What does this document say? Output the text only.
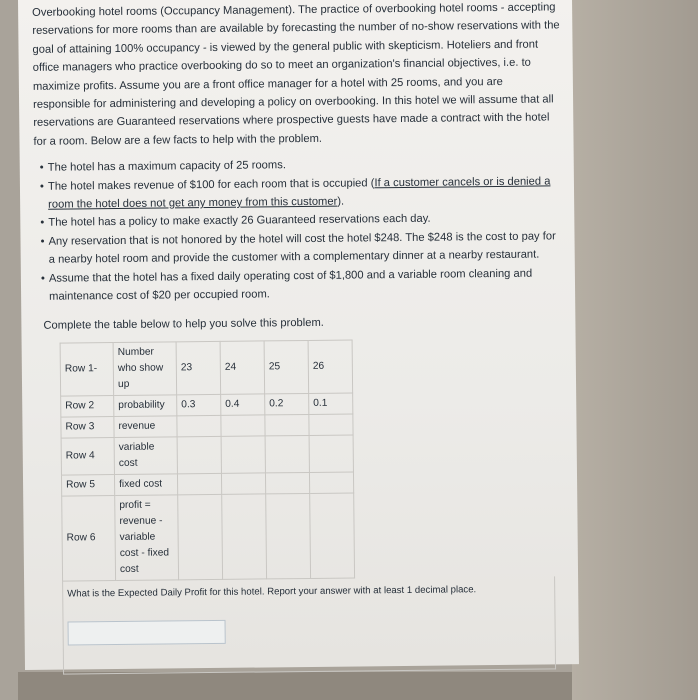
Overbooking hotel rooms (Occupancy Management). The practice of overbooking hotel rooms - accepting reservations for more rooms than are available by forecasting the number of no-show reservations with the goal of attaining 100% occupancy - is viewed by the general public with skepticism. Hoteliers and front office managers who practice overbooking do so to meet an organization's financial objectives, i.e. to maximize profits. Assume you are a front office manager for a hotel with 25 rooms, and you are responsible for administering and developing a policy on overbooking. In this hotel we will assume that all reservations are Guaranteed reservations where prospective guests have made a contract with the hotel for a room. Below are a few facts to help with the problem.

• The hotel has a maximum capacity of 25 rooms.
• The hotel makes revenue of $100 for each room that is occupied (If a customer cancels or is denied a room the hotel does not get any money from this customer).
• The hotel has a policy to make exactly 26 Guaranteed reservations each day.
• Any reservation that is not honored by the hotel will cost the hotel $248. The $248 is the cost to pay for a nearby hotel room and provide the customer with a complementary dinner at a nearby restaurant.
• Assume that the hotel has a fixed daily operating cost of $1,800 and a variable room cleaning and maintenance cost of $20 per occupied room.

Complete the table below to help you solve this problem.

Row 1-	Number who show up	23	24	25	26
Row 2	probability	0.3	0.4	0.2	0.1
Row 3	revenue				
Row 4	variable cost				
Row 5	fixed cost				
Row 6	profit = revenue - variable cost - fixed cost				
What is the Expected Daily Profit for this hotel. Report your answer with at least 1 decimal place.
